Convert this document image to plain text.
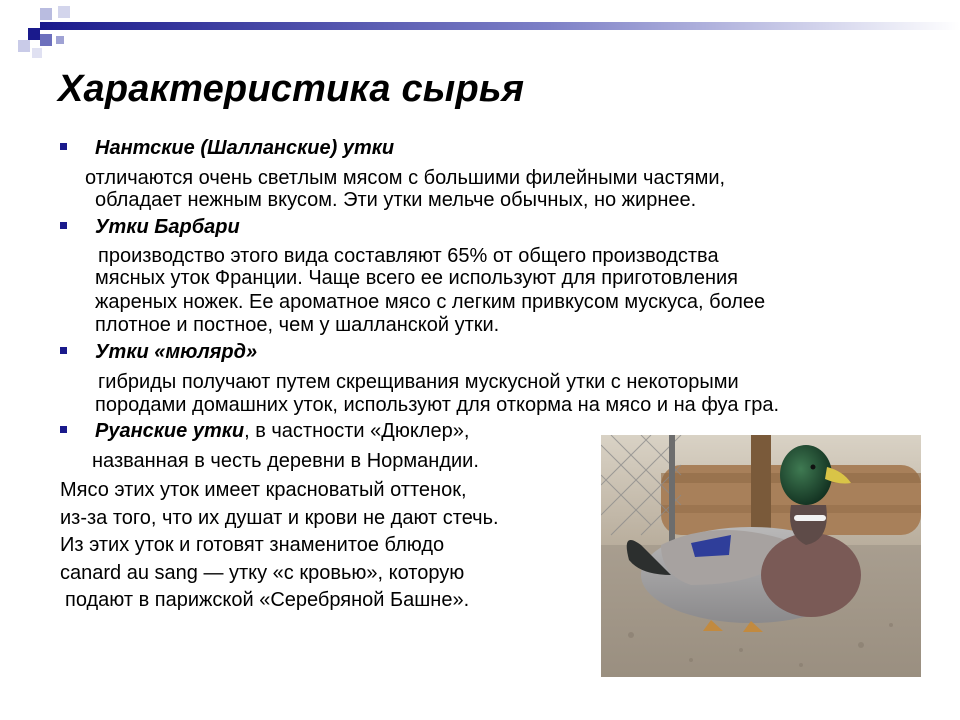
Характеристика сырья
Нантские (Шалланские) утки
отличаются очень светлым мясом с большими филейными частями,
обладает нежным вкусом. Эти утки мельче обычных, но жирнее.
Утки Барбари
производство этого вида составляют 65% от общего производства
мясных уток Франции. Чаще всего ее используют для приготовления
жареных ножек. Ее ароматное мясо с легким привкусом мускуса, более
плотное и постное, чем у шалланской утки.
Утки «мюлярд»
гибриды получают путем скрещивания мускусной утки с некоторыми
породами домашних уток, используют для откорма на мясо и на фуа гра.
Руанские утки, в частности «Дюклер»,
названная в честь деревни в Нормандии.
Мясо этих уток имеет красноватый оттенок,
из-за того, что их душат и крови не дают стечь.
Из этих уток и готовят знаменитое блюдо
canard au sang — утку «с кровью», которую
подают в парижской «Серебряной Башне».
